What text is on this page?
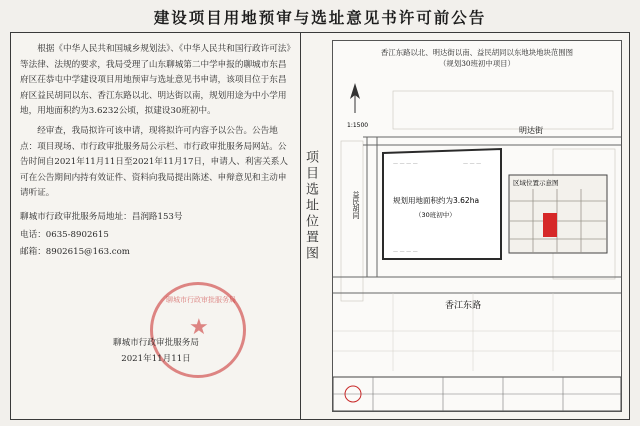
建设项目用地预审与选址意见书许可前公告

根据《中华人民共和国城乡规划法》、《中华人民共和国行政许可法》等法律、法规的要求，我局受理了山东聊城第二中学申报的聊城市东昌府区茌恭屯中学建设项目用地预审与选址意见书申请，该项目位于东昌府区益民胡同以东、香江东路以北、明达街以南，规划用途为中小学用地，用地面积约为3.6232公顷，拟建设30班初中。

经审查，我局拟许可该申请，现将拟许可内容予以公告。公告地点：项目现场、市行政审批服务局公示栏、市行政审批服务局网站。公告时间自2021年11月11日至2021年11月17日，申请人、利害关系人可在公告期间内持有效证件、资料向我局提出陈述、申辩意见和主动申请听证。

聊城市行政审批服务局地址：昌润路153号

电话：0635-8902615

邮箱：8902615@163.com

聊城市行政审批服务局
★
聊城市行政审批服务局
2021年11月11日
项目选址位置图
香江东路以北、明达街以南、益民胡同以东地块地块范围图
（规划30班初中项目）
1:1500
明达街
香江东路
益民胡同	规划用地面积约为3.62ha
（30班初中）
— — — —
— — — —
— — —
区域位置示意图
